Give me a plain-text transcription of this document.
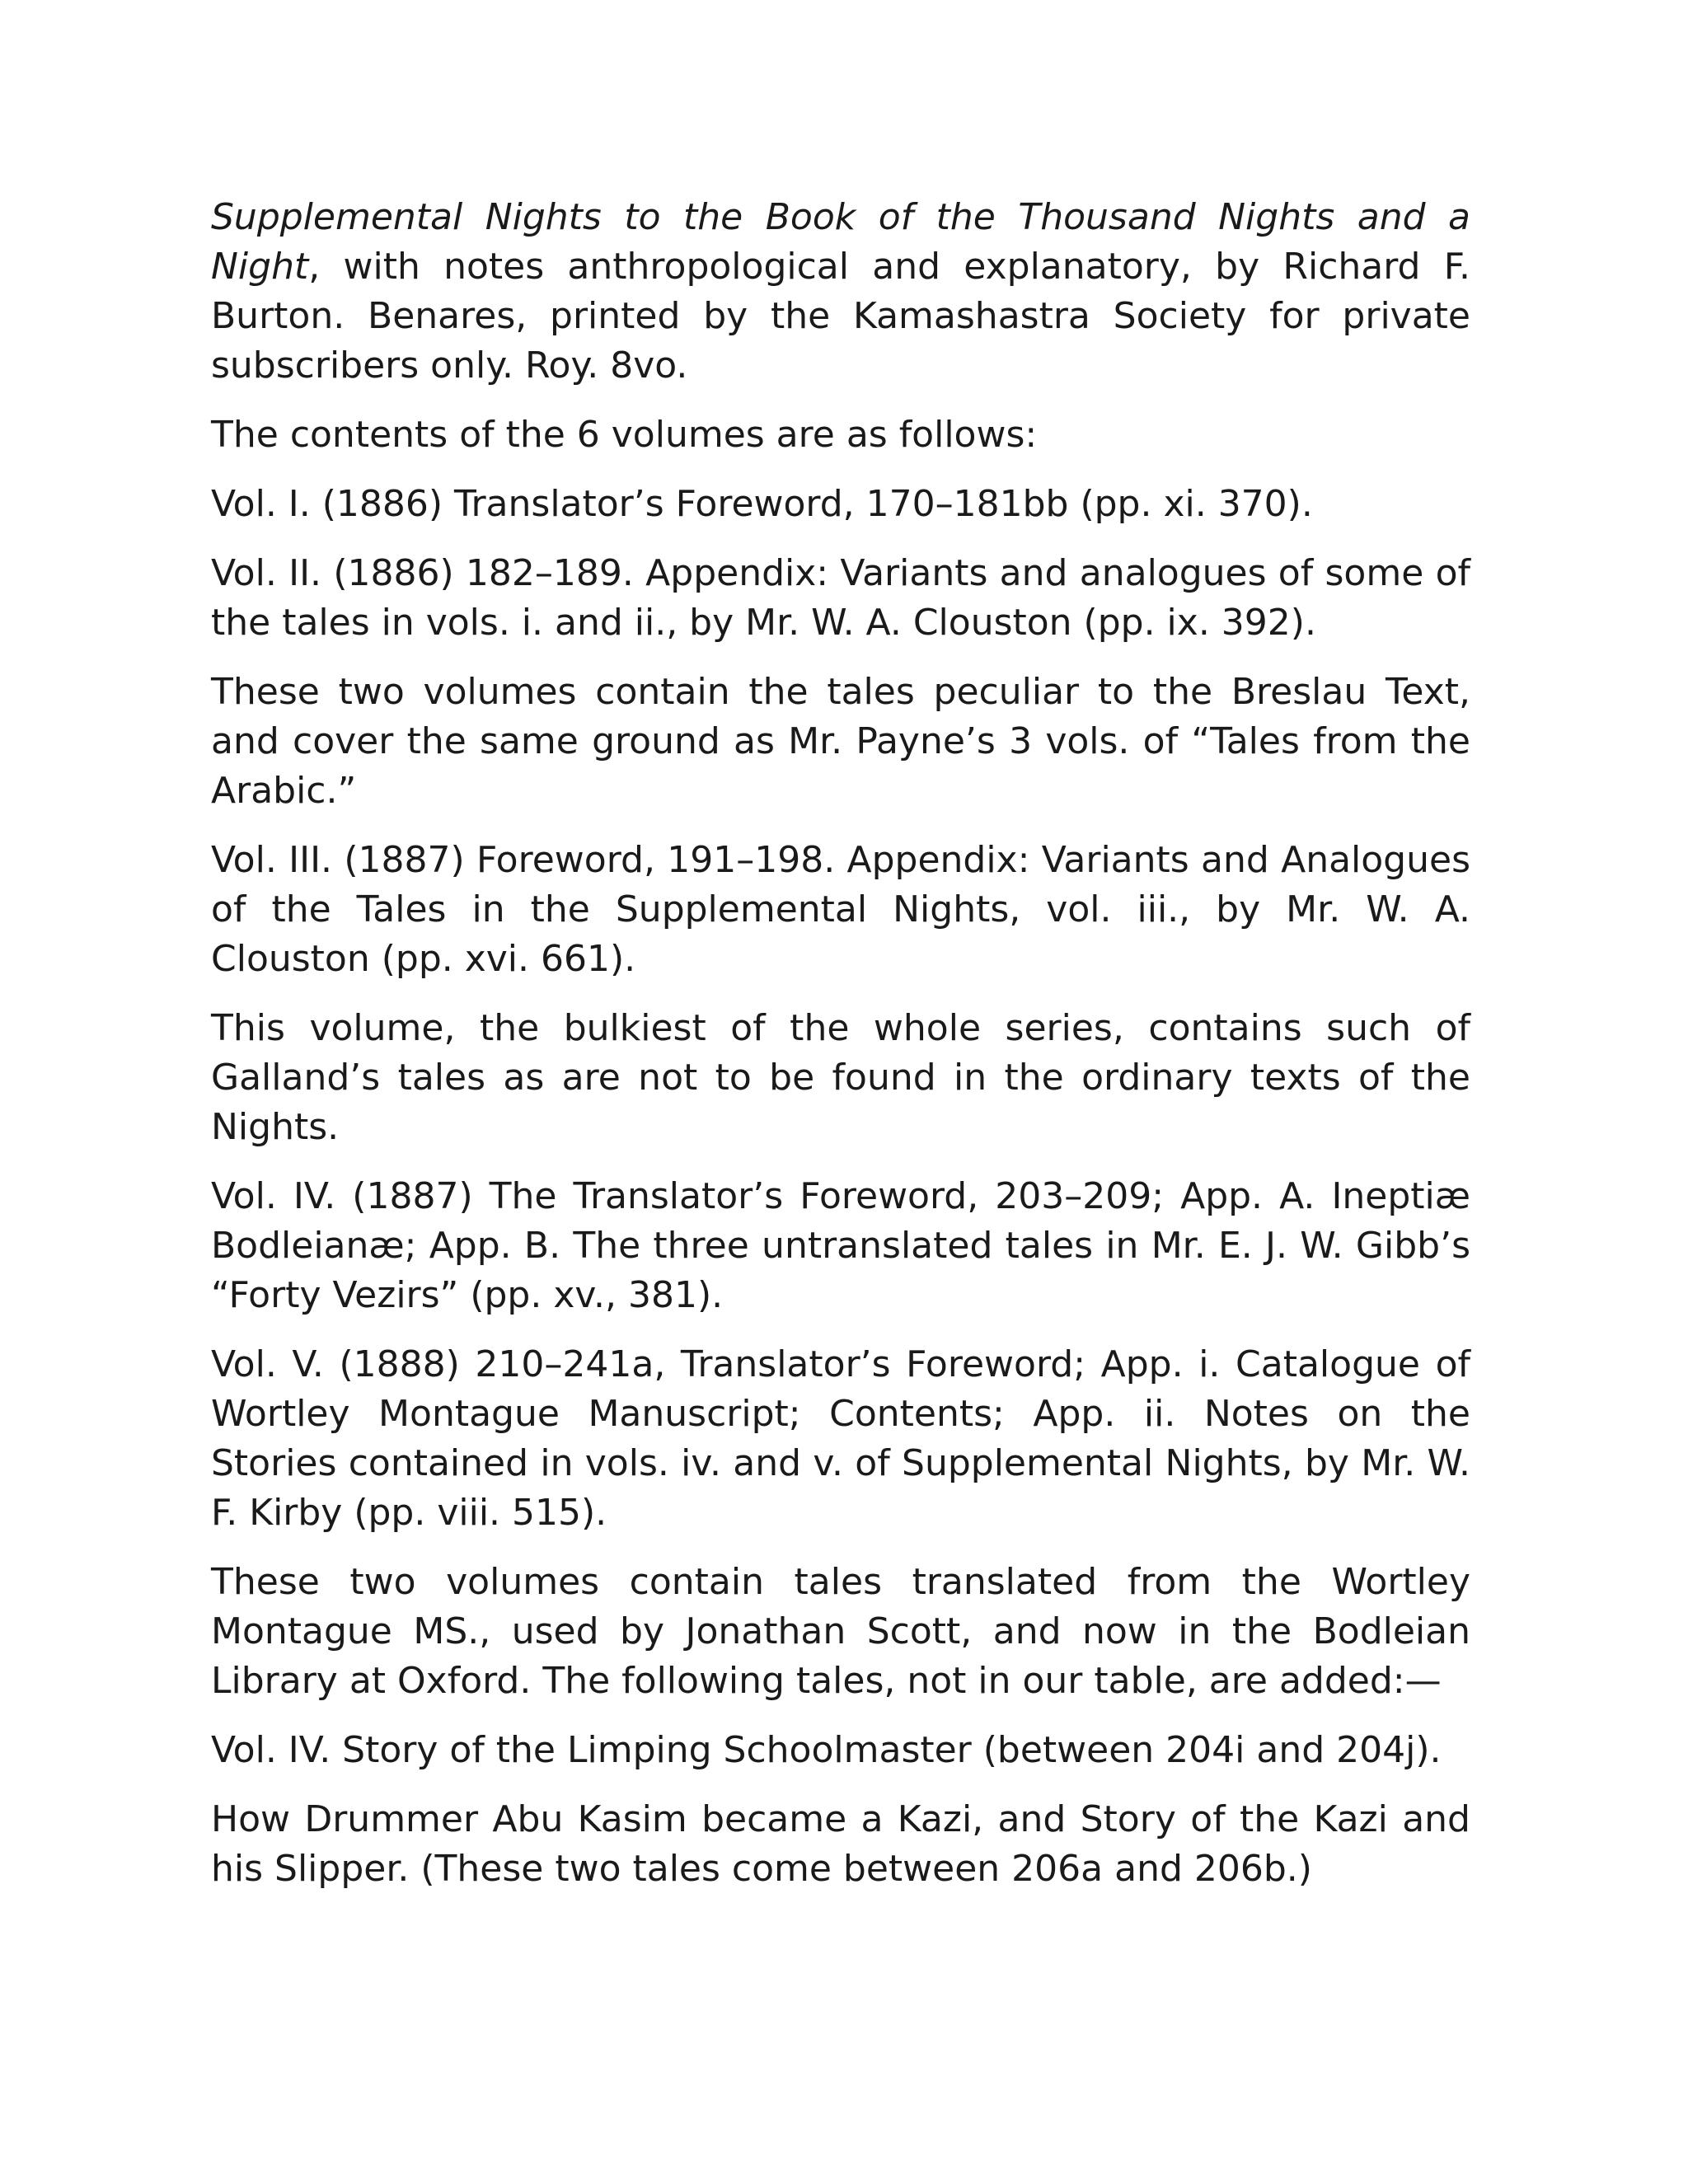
Supplemental Nights to the Book of the Thousand Nights and a Night, with notes anthropological and explanatory, by Richard F. Burton. Benares, printed by the Kamashastra Society for private subscribers only. Roy. 8vo.

The contents of the 6 volumes are as follows:

Vol. I. (1886) Translator’s Foreword, 170–181bb (pp. xi. 370).

Vol. II. (1886) 182–189. Appendix: Variants and analogues of some of the tales in vols. i. and ii., by Mr. W. A. Clouston (pp. ix. 392).

These two volumes contain the tales peculiar to the Breslau Text, and cover the same ground as Mr. Payne’s 3 vols. of “Tales from the Arabic.”

Vol. III. (1887) Foreword, 191–198. Appendix: Variants and Analogues of the Tales in the Supplemental Nights, vol. iii., by Mr. W. A. Clouston (pp. xvi. 661).

This volume, the bulkiest of the whole series, contains such of Galland’s tales as are not to be found in the ordinary texts of the Nights.

Vol. IV. (1887) The Translator’s Foreword, 203–209; App. A. Ineptiæ Bodleianæ; App. B. The three untranslated tales in Mr. E. J. W. Gibb’s “Forty Vezirs” (pp. xv., 381).

Vol. V. (1888) 210–241a, Translator’s Foreword; App. i. Catalogue of Wortley Montague Manuscript; Contents; App. ii. Notes on the Stories contained in vols. iv. and v. of Supplemental Nights, by Mr. W. F. Kirby (pp. viii. 515).

These two volumes contain tales translated from the Wortley Montague MS., used by Jonathan Scott, and now in the Bodleian Library at Oxford. The following tales, not in our table, are added:—

Vol. IV. Story of the Limping Schoolmaster (between 204i and 204j).

How Drummer Abu Kasim became a Kazi, and Story of the Kazi and his Slipper. (These two tales come between 206a and 206b.)
